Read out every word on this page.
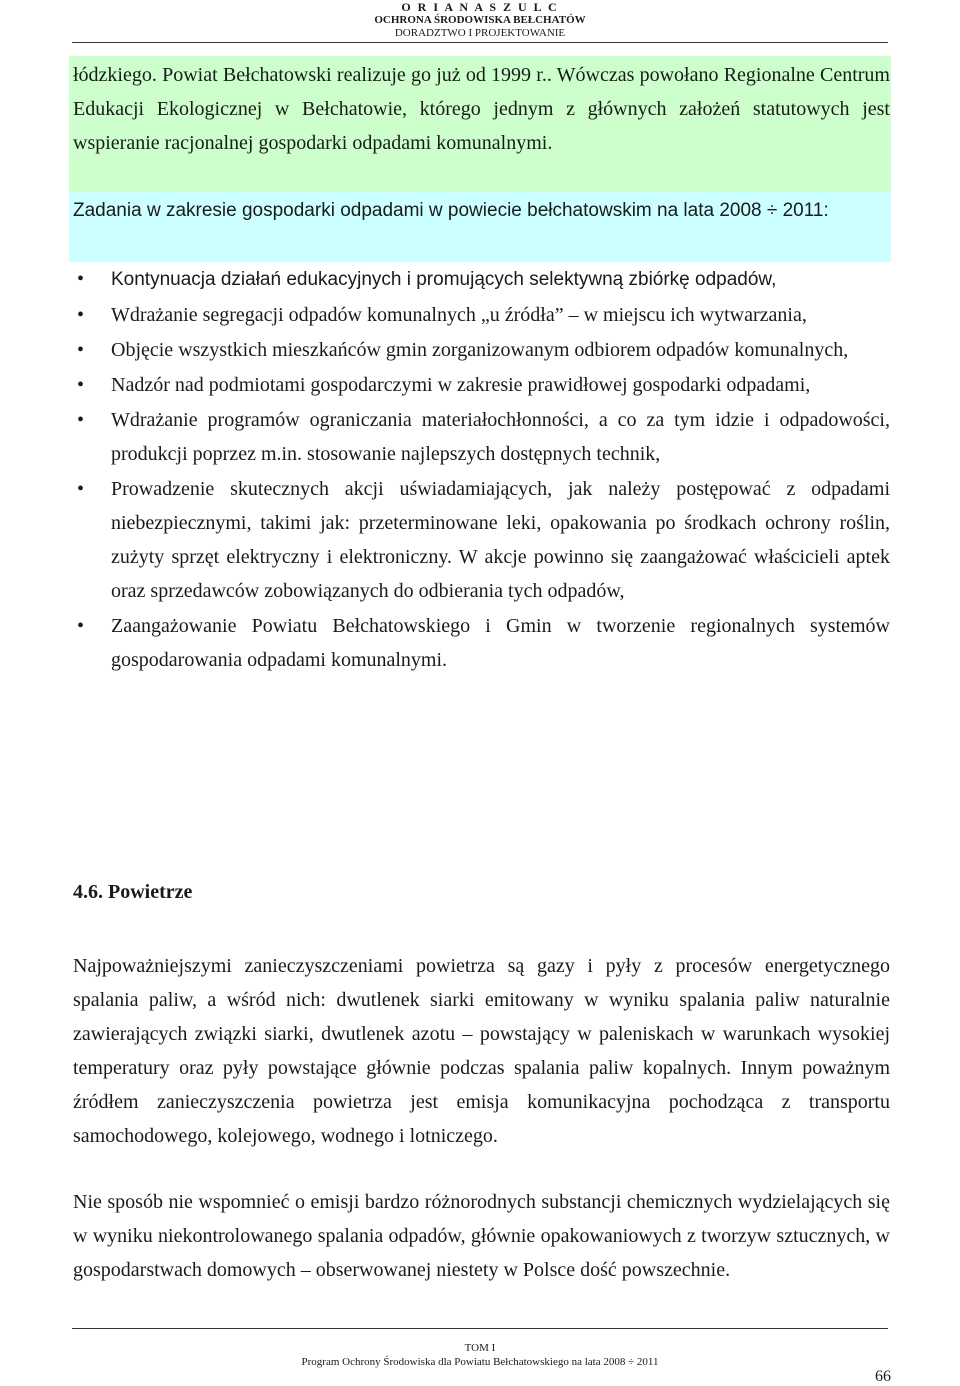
O R I A N A S Z U L C
OCHRONA ŚRODOWISKA BEŁCHATÓW
DORADZTWO I PROJEKTOWANIE

łódzkiego. Powiat Bełchatowski realizuje go już od 1999 r.. Wówczas powołano Regionalne Centrum Edukacji Ekologicznej w Bełchatowie, którego jednym z głównych założeń statutowych jest wspieranie racjonalnej gospodarki odpadami komunalnymi.

Zadania w zakresie gospodarki odpadami w powiecie bełchatowskim na lata 2008 ÷ 2011:

• Kontynuacja działań edukacyjnych i promujących selektywną zbiórkę odpadów,
• Wdrażanie segregacji odpadów komunalnych „u źródła” – w miejscu ich wytwarzania,
• Objęcie wszystkich mieszkańców gmin zorganizowanym odbiorem odpadów komunalnych,
• Nadzór nad podmiotami gospodarczymi w zakresie prawidłowej gospodarki odpadami,
• Wdrażanie programów ograniczania materiałochłonności, a co za tym idzie i odpadowości, produkcji poprzez m.in. stosowanie najlepszych dostępnych technik,
• Prowadzenie skutecznych akcji uświadamiających, jak należy postępować z odpadami niebezpiecznymi, takimi jak: przeterminowane leki, opakowania po środkach ochrony roślin, zużyty sprzęt elektryczny i elektroniczny. W akcje powinno się zaangażować właścicieli aptek oraz sprzedawców zobowiązanych do odbierania tych odpadów,
• Zaangażowanie Powiatu Bełchatowskiego i Gmin w tworzenie regionalnych systemów gospodarowania odpadami komunalnymi.
4.6. Powietrze

Najpoważniejszymi zanieczyszczeniami powietrza są gazy i pyły z procesów energetycznego spalania paliw, a wśród nich: dwutlenek siarki emitowany w wyniku spalania paliw naturalnie zawierających związki siarki, dwutlenek azotu – powstający w paleniskach w warunkach wysokiej temperatury oraz pyły powstające głównie podczas spalania paliw kopalnych. Innym poważnym źródłem zanieczyszczenia powietrza jest emisja komunikacyjna pochodząca z transportu samochodowego, kolejowego, wodnego i lotniczego.

Nie sposób nie wspomnieć o emisji bardzo różnorodnych substancji chemicznych wydzielających się w wyniku niekontrolowanego spalania odpadów, głównie opakowaniowych z tworzyw sztucznych, w gospodarstwach domowych – obserwowanej niestety w Polsce dość powszechnie.

TOM I
Program Ochrony Środowiska dla Powiatu Bełchatowskiego na lata 2008 ÷ 2011
66
